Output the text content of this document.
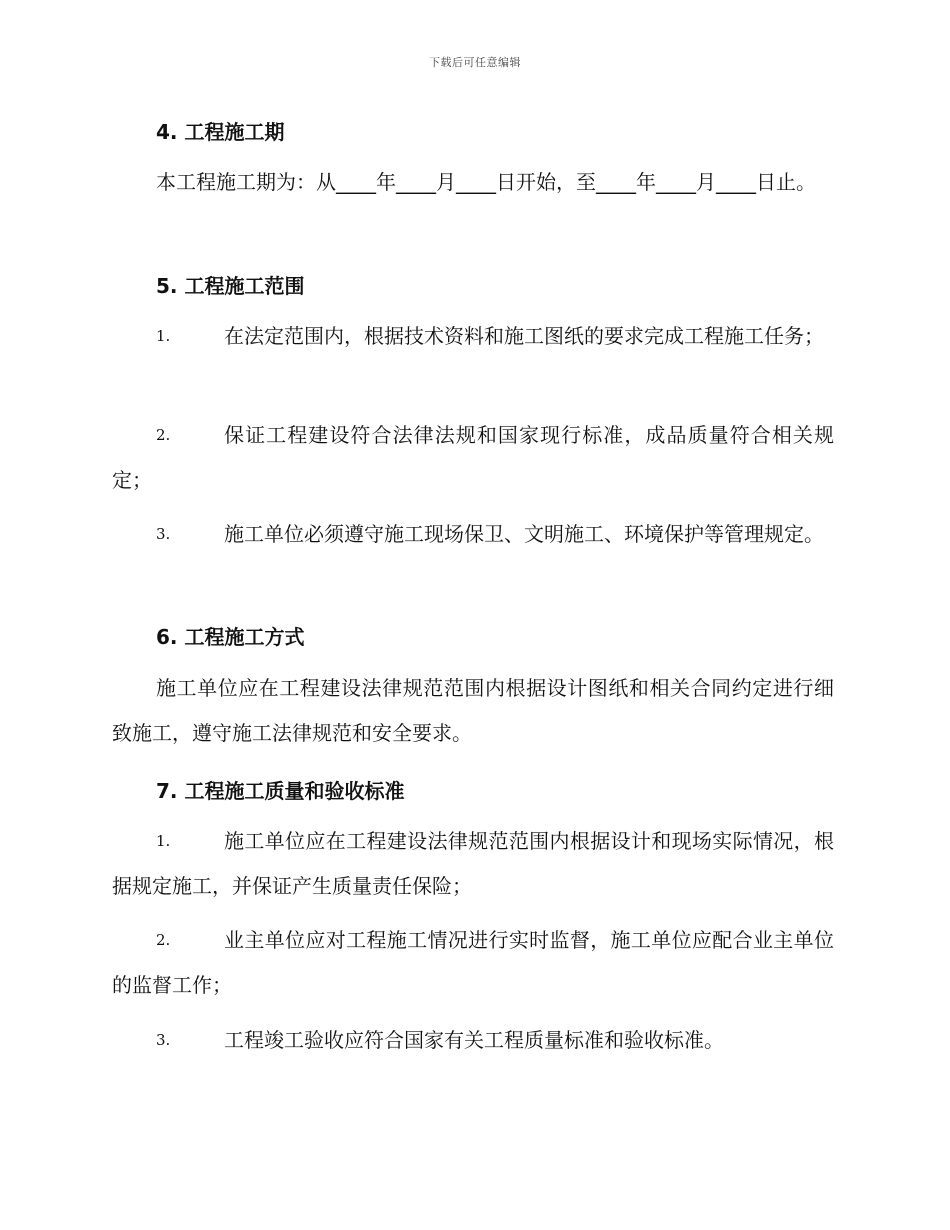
下载后可任意编辑
4. 工程施工期
本工程施工期为：从____年____月____日开始，至____年____月____日止。
5. 工程施工范围
1.	在法定范围内，根据技术资料和施工图纸的要求完成工程施工任务；
2.	保证工程建设符合法律法规和国家现行标准，成品质量符合相关规定；
3.	施工单位必须遵守施工现场保卫、文明施工、环境保护等管理规定。
6. 工程施工方式
施工单位应在工程建设法律规范范围内根据设计图纸和相关合同约定进行细致施工，遵守施工法律规范和安全要求。
7. 工程施工质量和验收标准
1.	施工单位应在工程建设法律规范范围内根据设计和现场实际情况，根据规定施工，并保证产生质量责任保险；
2.	业主单位应对工程施工情况进行实时监督，施工单位应配合业主单位的监督工作；
3.	工程竣工验收应符合国家有关工程质量标准和验收标准。
